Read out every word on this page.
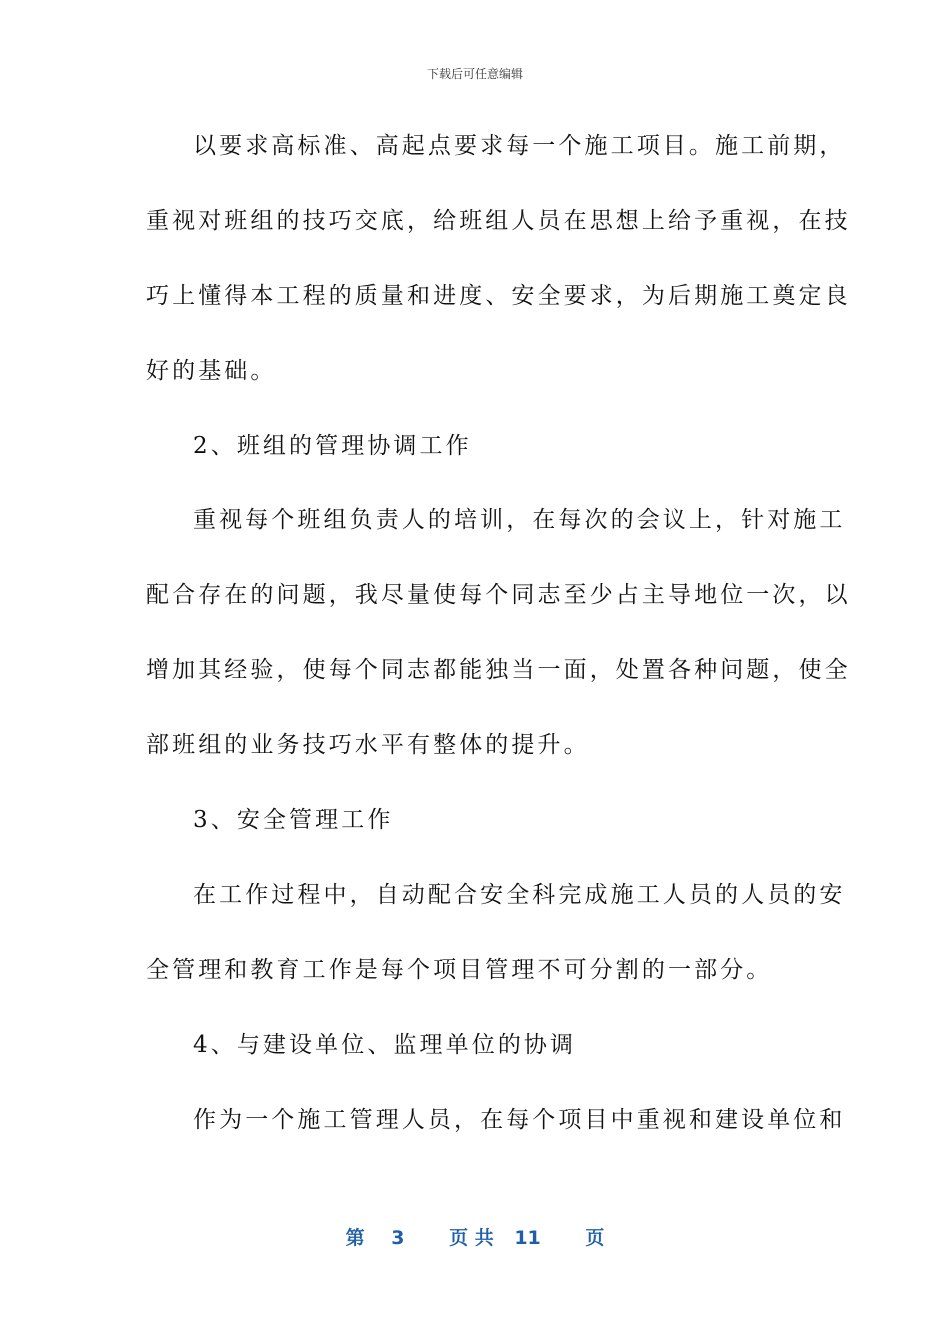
下载后可任意编辑
以要求高标准、高起点要求每一个施工项目。施工前期，
重视对班组的技巧交底，给班组人员在思想上给予重视，在技
巧上懂得本工程的质量和进度、安全要求，为后期施工奠定良
好的基础。
2、班组的管理协调工作
重视每个班组负责人的培训，在每次的会议上，针对施工
配合存在的问题，我尽量使每个同志至少占主导地位一次，以
增加其经验，使每个同志都能独当一面，处置各种问题，使全
部班组的业务技巧水平有整体的提升。
3、安全管理工作
在工作过程中，自动配合安全科完成施工人员的人员的安
全管理和教育工作是每个项目管理不可分割的一部分。
4、与建设单位、监理单位的协调
作为一个施工管理人员，在每个项目中重视和建设单位和
第 3 页 共 11 页
